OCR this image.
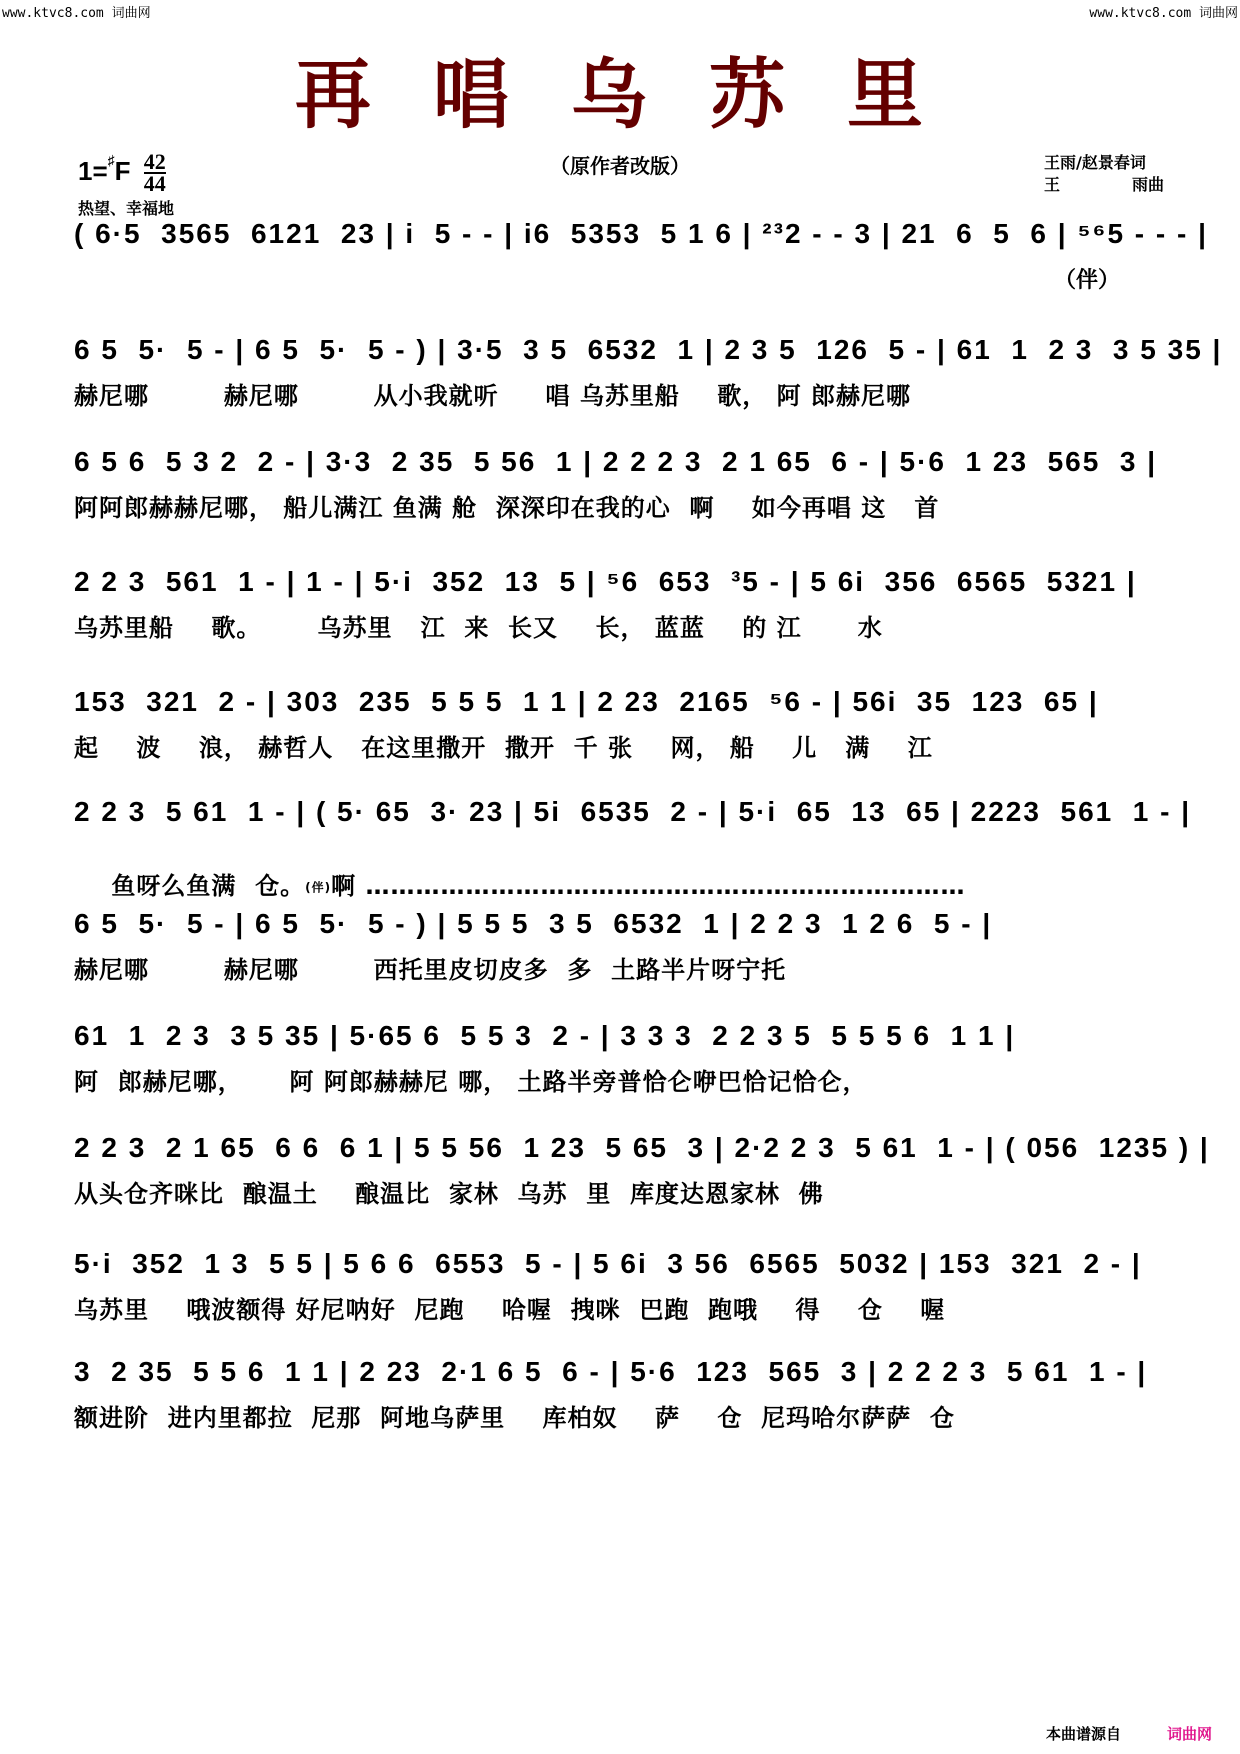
www.ktvc8.com 词曲网	www.ktvc8.com 词曲网
再唱乌苏里
$1=^♯F \frac{4}{4} \frac{2}{4}$
热望、幸福地
（原作者改版）	王雨/赵景春词
王	雨曲
( 6·5  3565  6121  23 | i  5 - - | i6  5353  5 1 6 | ²³2 - - 3 | 21  6  5  6 | ⁵⁶5 - - - |
（伴）
6 5  5·  5 - | 6 5  5·  5 - ) | 3·5  3 5  6532  1 | 2 3 5  126  5 - | 61  1  2 3  3 5 35 |
赫尼哪        赫尼哪        从小我就听     唱 乌苏里船    歌， 阿 郎赫尼哪
6 5 6  5 3 2  2 - | 3·3  2 35  5 56  1 | 2 2 2 3  2 1 65  6 - | 5·6  1 23  565  3 |
阿阿郎赫赫尼哪， 船儿满江 鱼满 舱  深深印在我的心  啊    如今再唱 这   首
2 2 3  561  1 - | 1 - | 5·i  352  13  5 | ⁵6  653  ³5 - | 5 6i  356  6565  5321 |
乌苏里船    歌。      乌苏里   江  来  长又    长， 蓝蓝    的 江      水
153  321  2 - | 303  235  5 5 5  1 1 | 2 23  2165  ⁵6 - | 56i  35  123  65 |
起    波    浪， 赫哲人   在这里撒开  撒开  千 张    网， 船    儿   满    江
2 2 3  5 61  1 - | ( 5· 65  3· 23 | 5i  6535  2 - | 5·i  65  13  65 | 2223  561  1 - |

鱼呀么鱼满  仓。(伴)啊 ………………………………………………………………

6 5  5·  5 - | 6 5  5·  5 - ) | 5 5 5  3 5  6532  1 | 2 2 3  1 2 6  5 - |
赫尼哪        赫尼哪        西托里皮切皮多  多  土路半片呀宁托
61  1  2 3  3 5 35 | 5·65 6  5 5 3  2 - | 3 3 3  2 2 3 5  5 5 5 6  1 1 |
阿  郎赫尼哪，     阿 阿郎赫赫尼 哪， 土路半旁普恰仑咿巴恰记恰仑，
2 2 3  2 1 65  6 6  6 1 | 5 5 56  1 23  5 65  3 | 2·2 2 3  5 61  1 - | ( 056  1235 ) |
从头仓齐咪比  酿温土    酿温比  家林  乌苏  里  库度达恩家林  佛
5·i  352  1 3  5 5 | 5 6 6  6553  5 - | 5 6i  3 56  6565  5032 | 153  321  2 - |
乌苏里    哦波额得 好尼呐好  尼跑    哈喔  拽咪  巴跑  跑哦    得    仓    喔
3  2 35  5 5 6  1 1 | 2 23  2·1 6 5  6 - | 5·6  123  565  3 | 2 2 2 3  5 61  1 - |
额进阶  进内里都拉  尼那  阿地乌萨里    库柏奴    萨    仓  尼玛哈尔萨萨  仓
本曲谱源自	词曲网
